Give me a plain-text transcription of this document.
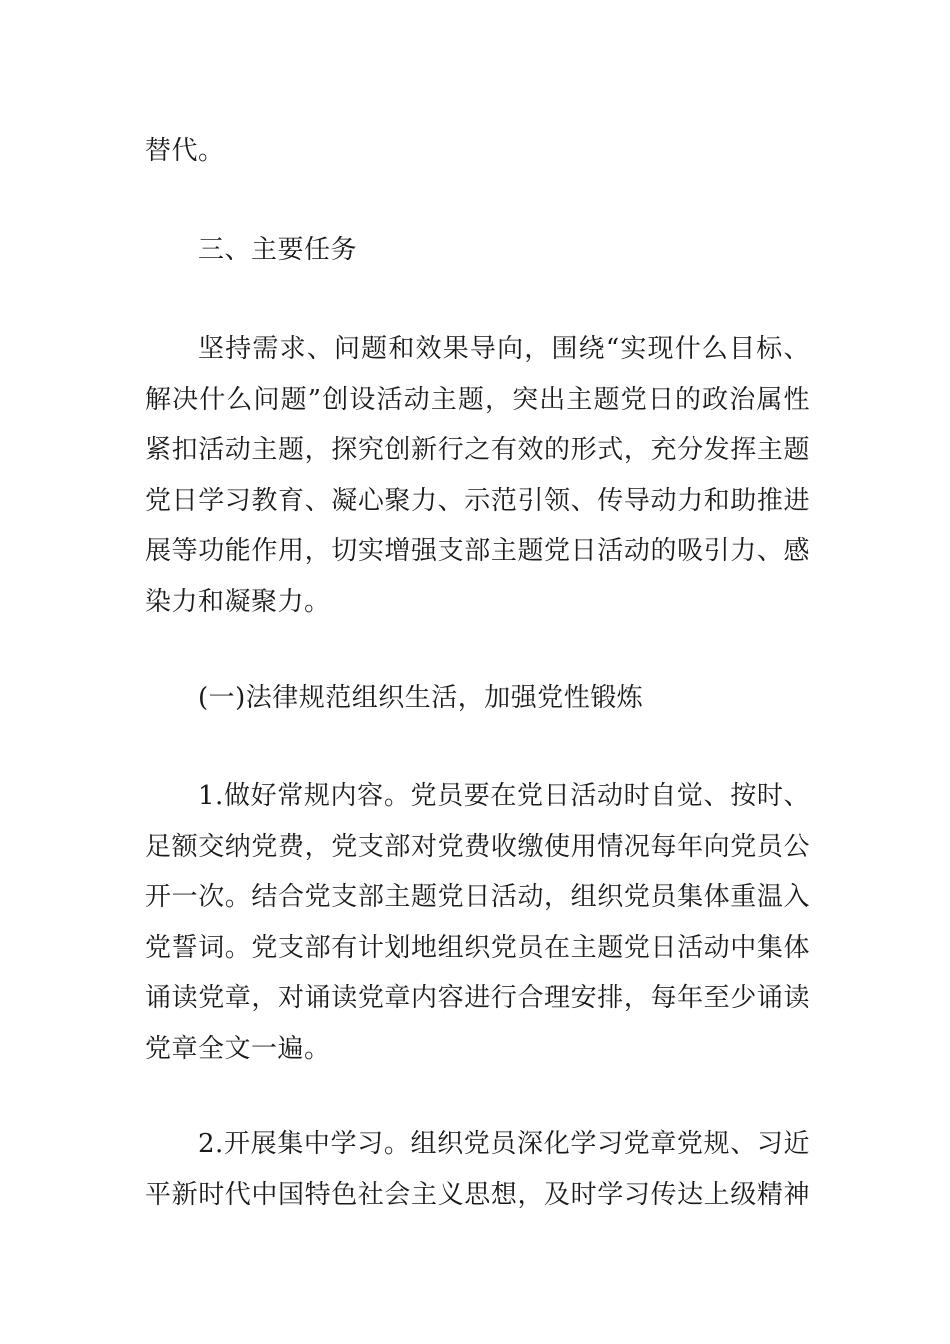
替代。
三、主要任务
坚持需求、问题和效果导向，围绕“实现什么目标、
解决什么问题”创设活动主题，突出主题党日的政治属性
紧扣活动主题，探究创新行之有效的形式，充分发挥主题
党日学习教育、凝心聚力、示范引领、传导动力和助推进
展等功能作用，切实增强支部主题党日活动的吸引力、感
染力和凝聚力。
(一)法律规范组织生活，加强党性锻炼
1.做好常规内容。党员要在党日活动时自觉、按时、
足额交纳党费，党支部对党费收缴使用情况每年向党员公
开一次。结合党支部主题党日活动，组织党员集体重温入
党誓词。党支部有计划地组织党员在主题党日活动中集体
诵读党章，对诵读党章内容进行合理安排，每年至少诵读
党章全文一遍。
2.开展集中学习。组织党员深化学习党章党规、习近
平新时代中国特色社会主义思想，及时学习传达上级精神
